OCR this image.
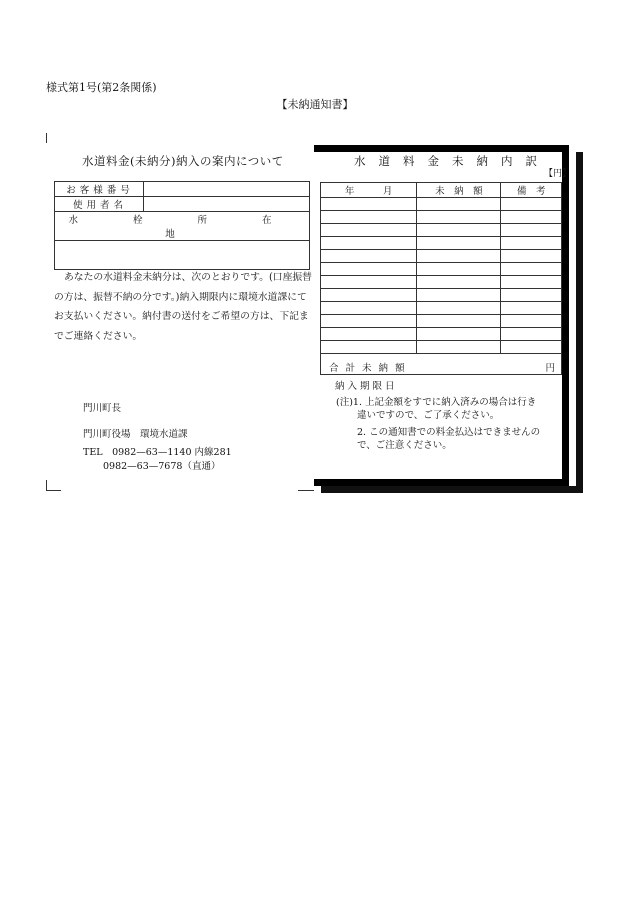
様式第1号(第2条関係)
【未納通知書】
水道料金(未納分)納入の案内について
お客様番号	
使用者名	
水 栓 所 在 地	

あなたの水道料金未納分は、次のとおりです。(口座振替の方は、振替不納の分です。)納入期限内に環境水道課にてお支払いください。納付書の送付をご希望の方は、下記までご連絡ください。
門川町長
門川町役場　環境水道課
TEL　0982—63—1140 内線281
0982—63—7678（直通）
水道料金未納内訳
【円】
年　　　月	未　納　額	備　考

合 計 未 納 額 円		
納入期限日
(注)1. 上記金額をすでに納入済みの場合は行き
違いですので、ご了承ください。
2. この通知書での料金払込はできませんの
で、ご注意ください。
